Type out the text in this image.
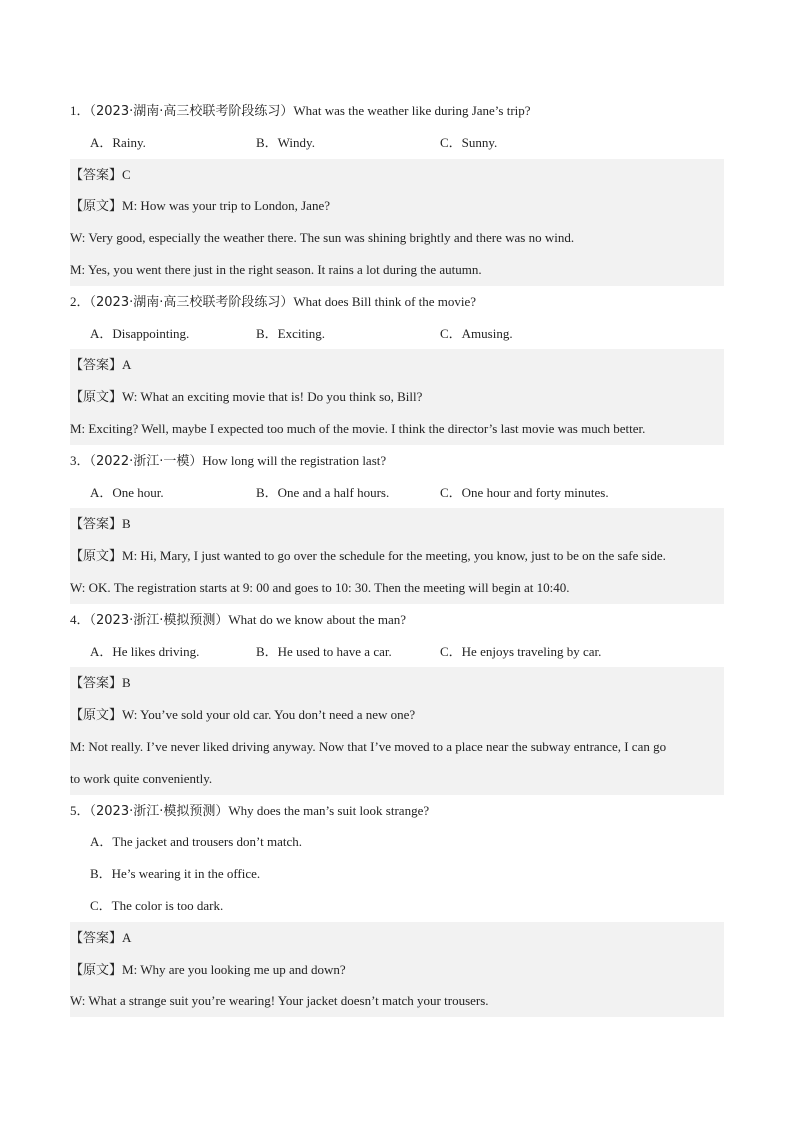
1．（2023·湖南·高三校联考阶段练习）What was the weather like during Jane’s trip?
A．Rainy.	B．Windy.	C．Sunny.
【答案】C
【原文】M: How was your trip to London, Jane?
W: Very good, especially the weather there. The sun was shining brightly and there was no wind.
M: Yes, you went there just in the right season. It rains a lot during the autumn.
2．（2023·湖南·高三校联考阶段练习）What does Bill think of the movie?
A．Disappointing.	B．Exciting.	C．Amusing.
【答案】A
【原文】W: What an exciting movie that is! Do you think so, Bill?
M: Exciting? Well, maybe I expected too much of the movie. I think the director’s last movie was much better.
3．（2022·浙江·一模）How long will the registration last?
A．One hour.	B．One and a half hours.	C．One hour and forty minutes.
【答案】B
【原文】M: Hi, Mary, I just wanted to go over the schedule for the meeting, you know, just to be on the safe side.
W: OK. The registration starts at 9: 00 and goes to 10: 30. Then the meeting will begin at 10:40.
4．（2023·浙江·模拟预测）What do we know about the man?
A．He likes driving.	B．He used to have a car.	C．He enjoys traveling by car.
【答案】B
【原文】W: You’ve sold your old car. You don’t need a new one?
M: Not really. I’ve never liked driving anyway. Now that I’ve moved to a place near the subway entrance, I can go
to work quite conveniently.
5．（2023·浙江·模拟预测）Why does the man’s suit look strange?
A．The jacket and trousers don’t match.
B．He’s wearing it in the office.
C．The color is too dark.
【答案】A
【原文】M: Why are you looking me up and down?
W: What a strange suit you’re wearing! Your jacket doesn’t match your trousers.
